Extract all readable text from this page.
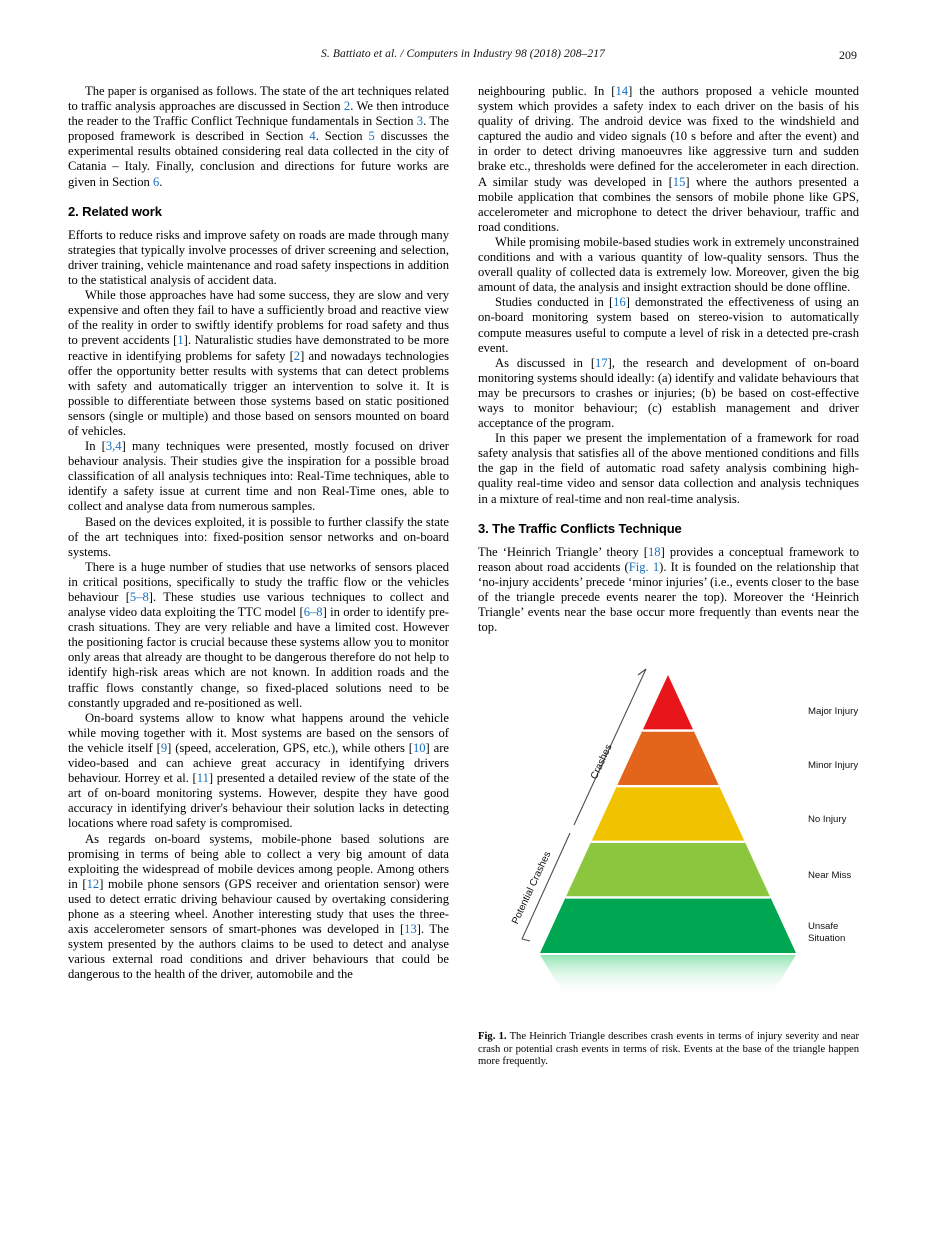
S. Battiato et al. / Computers in Industry 98 (2018) 208–217	209

The paper is organised as follows. The state of the art techniques related to traffic analysis approaches are discussed in Section 2. We then introduce the reader to the Traffic Conflict Technique fundamentals in Section 3. The proposed framework is described in Section 4. Section 5 discusses the experimental results obtained considering real data collected in the city of Catania – Italy. Finally, conclusion and directions for future works are given in Section 6.

2. Related work

Efforts to reduce risks and improve safety on roads are made through many strategies that typically involve processes of driver screening and selection, driver training, vehicle maintenance and road safety inspections in addition to the statistical analysis of accident data.

While those approaches have had some success, they are slow and very expensive and often they fail to have a sufficiently broad and reactive view of the reality in order to swiftly identify problems for road safety and thus to prevent accidents [1]. Naturalistic studies have demonstrated to be more reactive in identifying problems for safety [2] and nowadays technologies offer the opportunity better results with systems that can detect problems with safety and automatically trigger an intervention to solve it. It is possible to differentiate between those systems based on static positioned sensors (single or multiple) and those based on sensors mounted on board of vehicles.

In [3,4] many techniques were presented, mostly focused on driver behaviour analysis. Their studies give the inspiration for a possible broad classification of all analysis techniques into: Real-Time techniques, able to identify a safety issue at current time and non Real-Time ones, able to collect and analyse data from numerous samples.

Based on the devices exploited, it is possible to further classify the state of the art techniques into: fixed-position sensor networks and on-board systems.

There is a huge number of studies that use networks of sensors placed in critical positions, specifically to study the traffic flow or the vehicles behaviour [5–8]. These studies use various techniques to collect and analyse video data exploiting the TTC model [6–8] in order to identify pre-crash situations. They are very reliable and have a limited cost. However the positioning factor is crucial because these systems allow you to monitor only areas that already are thought to be dangerous therefore do not help to identify high-risk areas which are not known. In addition roads and the traffic flows constantly change, so fixed-placed solutions need to be constantly upgraded and re-positioned as well.

On-board systems allow to know what happens around the vehicle while moving together with it. Most systems are based on the sensors of the vehicle itself [9] (speed, acceleration, GPS, etc.), while others [10] are video-based and can achieve great accuracy in identifying drivers behaviour. Horrey et al. [11] presented a detailed review of the state of the art of on-board monitoring systems. However, despite they have good accuracy in identifying driver's behaviour their solution lacks in detecting locations where road safety is compromised.

As regards on-board systems, mobile-phone based solutions are promising in terms of being able to collect a very big amount of data exploiting the widespread of mobile devices among people. Among others in [12] mobile phone sensors (GPS receiver and orientation sensor) were used to detect erratic driving behaviour caused by overtaking considering phone as a steering wheel. Another interesting study that uses the three-axis accelerometer sensors of smart-phones was developed in [13]. The system presented by the authors claims to be used to detect and analyse various external road conditions and driver behaviours that could be dangerous to the health of the driver, automobile and the

neighbouring public. In [14] the authors proposed a vehicle mounted system which provides a safety index to each driver on the basis of his quality of driving. The android device was fixed to the windshield and captured the audio and video signals (10 s before and after the event) and in order to detect driving manoeuvres like aggressive turn and sudden brake etc., thresholds were defined for the accelerometer in each direction. A similar study was developed in [15] where the authors presented a mobile application that combines the sensors of mobile phone like GPS, accelerometer and microphone to detect the driver behaviour, traffic and road conditions.

While promising mobile-based studies work in extremely unconstrained conditions and with a various quantity of low-quality sensors. Thus the overall quality of collected data is extremely low. Moreover, given the big amount of data, the analysis and insight extraction should be done offline.

Studies conducted in [16] demonstrated the effectiveness of using an on-board monitoring system based on stereo-vision to automatically compute measures useful to compute a level of risk in a detected pre-crash event.

As discussed in [17], the research and development of on-board monitoring systems should ideally: (a) identify and validate behaviours that may be precursors to crashes or injuries; (b) be based on cost-effective ways to monitor behaviour; (c) establish management and driver acceptance of the program.

In this paper we present the implementation of a framework for road safety analysis that satisfies all of the above mentioned conditions and fills the gap in the field of automatic road safety analysis combining high-quality real-time video and sensor data collection and analysis techniques in a mixture of real-time and non real-time analysis.

3. The Traffic Conflicts Technique

The ‘Heinrich Triangle’ theory [18] provides a conceptual framework to reason about road accidents (Fig. 1). It is founded on the relationship that ‘no-injury accidents’ precede ‘minor injuries’ (i.e., events closer to the base of the triangle precede events nearer the top). Moreover the ‘Heinrich Triangle’ events near the base occur more frequently than events near the top.

Crashes
Potential Crashes
Major Injury
Minor Injury
No Injury
Near Miss
Unsafe
Situation

Fig. 1. The Heinrich Triangle describes crash events in terms of injury severity and near crash or potential crash events in terms of risk. Events at the base of the triangle happen more frequently.
